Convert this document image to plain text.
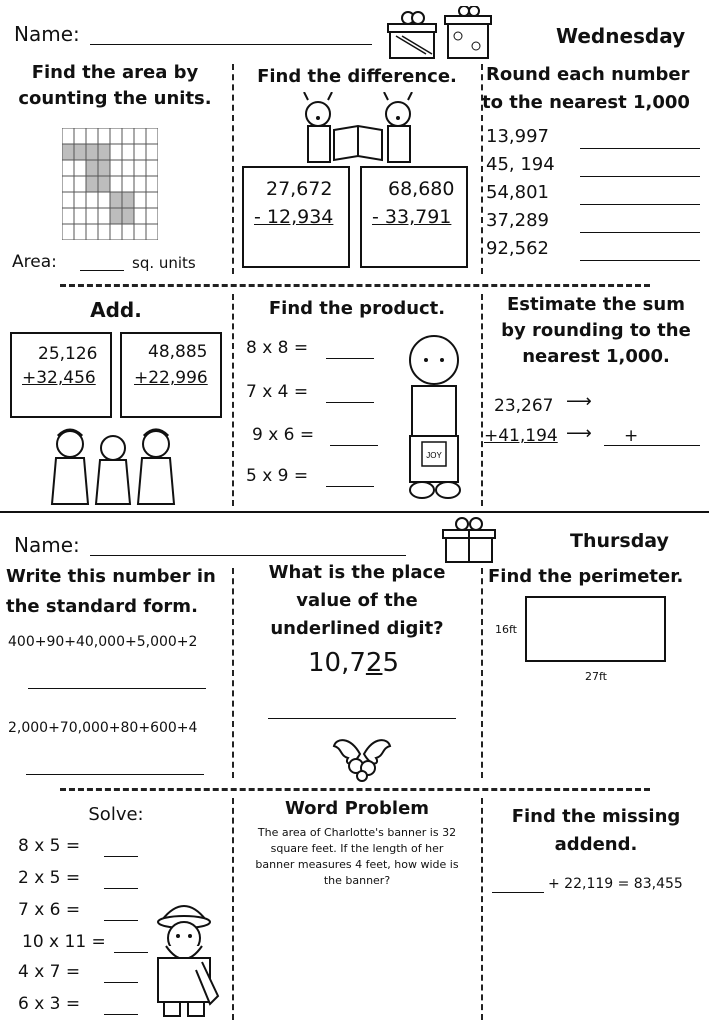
Name:	Wednesday
Find the area by
counting the units.
Area:	sq. units
Find the difference.
27,672
- 12,934
68,680
- 33,791
Round each number
to the nearest 1,000
13,997
45, 194
54,801
37,289
92,562
Add.
25,126
+32,456
48,885
+22,996
Find the product.
8 x 8 =
7 x 4 =
9 x 6 =
5 x 9 =
JOY
Estimate the sum
by rounding to the
nearest 1,000.
23,267 ⟶
+41,194 ⟶ +
Name:	Thursday
Write this number in
the standard form.
400+90+40,000+5,000+2
2,000+70,000+80+600+4
What is the place
value of the
underlined digit?
10,725
Find the perimeter.
16ft
27ft
Solve:
8 x 5 =
2 x 5 =
7 x 6 =
10 x 11 =
4 x 7 =
6 x 3 =
Word Problem
The area of Charlotte's banner is 32
square feet. If the length of her
banner measures 4 feet, how wide is
the banner?
Find the missing
addend.
+ 22,119 = 83,455
